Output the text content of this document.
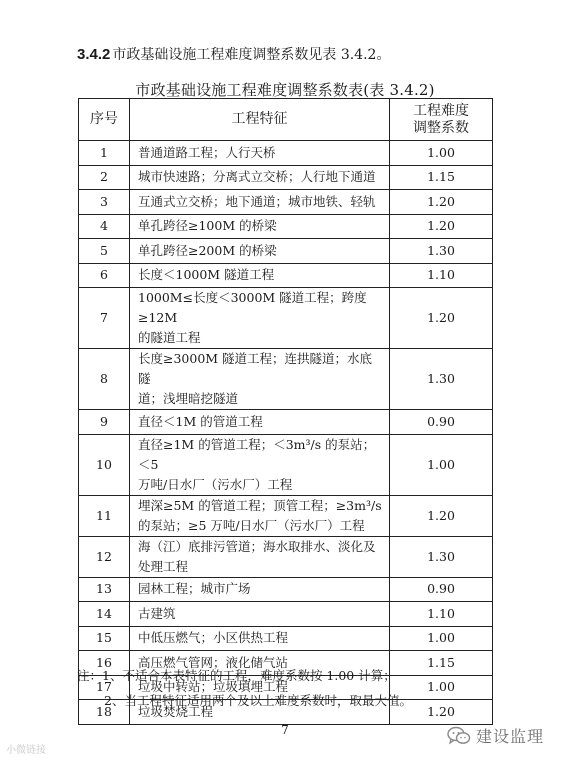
3.4.2 市政基础设施工程难度调整系数见表 3.4.2。
市政基础设施工程难度调整系数表(表 3.4.2)
序号	工程特征	工程难度
调整系数
1	普通道路工程；人行天桥	1.00
2	城市快速路；分离式立交桥；人行地下通道	1.15
3	互通式立交桥；地下通道；城市地铁、轻轨	1.20
4	单孔跨径≥100M 的桥梁	1.20
5	单孔跨径≥200M 的桥梁	1.30
6	长度＜1000M 隧道工程	1.10
7	1000M≤长度＜3000M 隧道工程；跨度≥12M
的隧道工程	1.20
8	长度≥3000M 隧道工程；连拱隧道；水底隧
道；浅埋暗挖隧道	1.30
9	直径＜1M 的管道工程	0.90
10	直径≥1M 的管道工程；＜3m³/s 的泵站；＜5
万吨/日水厂（污水厂）工程	1.00
11	埋深≥5M 的管道工程；顶管工程；≥3m³/s
的泵站；≥5 万吨/日水厂（污水厂）工程	1.20
12	海（江）底排污管道；海水取排水、淡化及
处理工程	1.30
13	园林工程；城市广场	0.90
14	古建筑	1.10
15	中低压燃气；小区供热工程	1.00
16	高压燃气管网；液化储气站	1.15
17	垃圾中转站；垃圾填埋工程	1.00
18	垃圾焚烧工程	1.20
注：1、不适合本表特征的工程，难度系数按 1.00 计算；
2、当工程特征适用两个及以上难度系数时，取最大值。
7
小微链接
建设监理
